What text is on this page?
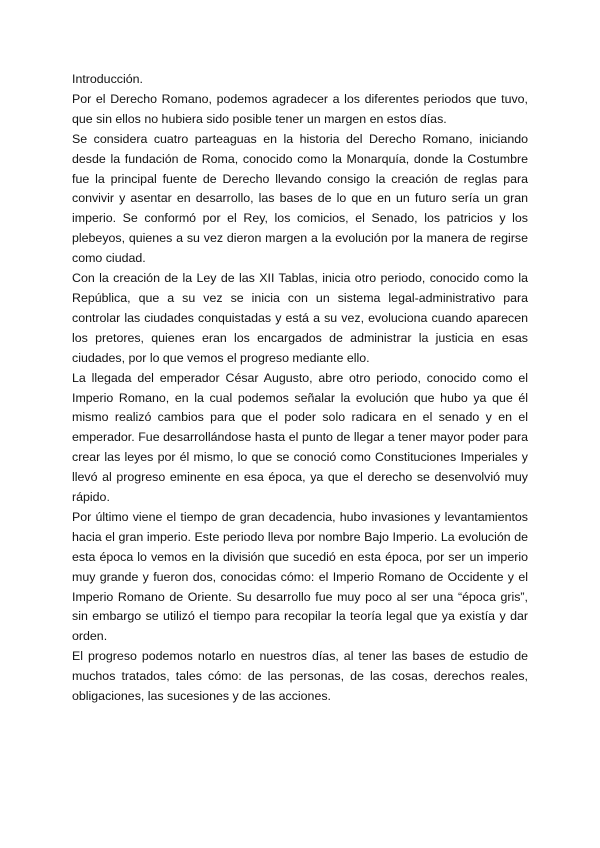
Introducción.

Por el Derecho Romano, podemos agradecer a los diferentes periodos que tuvo, que sin ellos no hubiera sido posible tener un margen en estos días.

Se considera cuatro parteaguas en la historia del Derecho Romano, iniciando desde la fundación de Roma, conocido como la Monarquía, donde la Costumbre fue la principal fuente de Derecho llevando consigo la creación de reglas para convivir y asentar en desarrollo, las bases de lo que en un futuro sería un gran imperio. Se conformó por el Rey, los comicios, el Senado, los patricios y los plebeyos, quienes a su vez dieron margen a la evolución por la manera de regirse como ciudad.

Con la creación de la Ley de las XII Tablas, inicia otro periodo, conocido como la República, que a su vez se inicia con un sistema legal-administrativo para controlar las ciudades conquistadas y está a su vez, evoluciona cuando aparecen los pretores, quienes eran los encargados de administrar la justicia en esas ciudades, por lo que vemos el progreso mediante ello.

La llegada del emperador César Augusto, abre otro periodo, conocido como el Imperio Romano, en la cual podemos señalar la evolución que hubo ya que él mismo realizó cambios para que el poder solo radicara en el senado y en el emperador. Fue desarrollándose hasta el punto de llegar a tener mayor poder para crear las leyes por él mismo, lo que se conoció como Constituciones Imperiales y llevó al progreso eminente en esa época, ya que el derecho se desenvolvió muy rápido.

Por último viene el tiempo de gran decadencia, hubo invasiones y levantamientos hacia el gran imperio. Este periodo lleva por nombre Bajo Imperio. La evolución de esta época lo vemos en la división que sucedió en esta época, por ser un imperio muy grande y fueron dos, conocidas cómo: el Imperio Romano de Occidente y el Imperio Romano de Oriente. Su desarrollo fue muy poco al ser una “época gris”, sin embargo se utilizó el tiempo para recopilar la teoría legal que ya existía y dar orden.

El progreso podemos notarlo en nuestros días, al tener las bases de estudio de muchos tratados, tales cómo: de las personas, de las cosas, derechos reales, obligaciones, las sucesiones y de las acciones.
